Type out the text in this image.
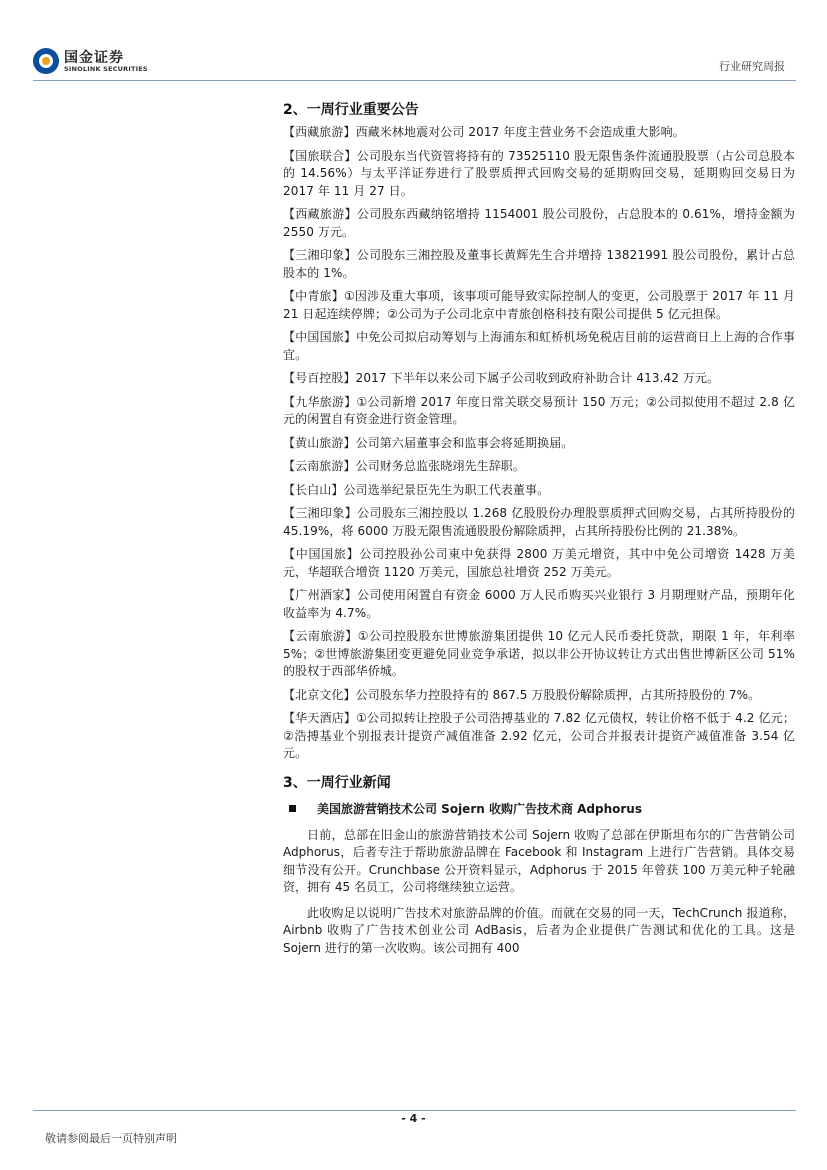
国金证券
SINOLINK SECURITIES	行业研究周报
2、一周行业重要公告

【西藏旅游】西藏米林地震对公司 2017 年度主营业务不会造成重大影响。

【国旅联合】公司股东当代资管将持有的 73525110 股无限售条件流通股股票（占公司总股本的 14.56%）与太平洋证券进行了股票质押式回购交易的延期购回交易，延期购回交易日为 2017 年 11 月 27 日。

【西藏旅游】公司股东西藏纳铭增持 1154001 股公司股份，占总股本的 0.61%，增持金额为 2550 万元。

【三湘印象】公司股东三湘控股及董事长黄辉先生合并增持 13821991 股公司股份，累计占总股本的 1%。

【中青旅】①因涉及重大事项，该事项可能导致实际控制人的变更，公司股票于 2017 年 11 月 21 日起连续停牌；②公司为子公司北京中青旅创格科技有限公司提供 5 亿元担保。

【中国国旅】中免公司拟启动筹划与上海浦东和虹桥机场免税店目前的运营商日上上海的合作事宜。

【号百控股】2017 下半年以来公司下属子公司收到政府补助合计 413.42 万元。

【九华旅游】①公司新增 2017 年度日常关联交易预计 150 万元；②公司拟使用不超过 2.8 亿元的闲置自有资金进行资金管理。

【黄山旅游】公司第六届董事会和监事会将延期换届。

【云南旅游】公司财务总监张晓翊先生辞职。

【长白山】公司选举纪景臣先生为职工代表董事。

【三湘印象】公司股东三湘控股以 1.268 亿股股份办理股票质押式回购交易，占其所持股份的 45.19%，将 6000 万股无限售流通股股份解除质押，占其所持股份比例的 21.38%。

【中国国旅】公司控股孙公司東中免获得 2800 万美元增资，其中中免公司增资 1428 万美元，华超联合增资 1120 万美元，国旅总社增资 252 万美元。

【广州酒家】公司使用闲置自有资金 6000 万人民币购买兴业银行 3 月期理财产品，预期年化收益率为 4.7%。

【云南旅游】①公司控股股东世博旅游集团提供 10 亿元人民币委托贷款，期限 1 年，年利率 5%；②世博旅游集团变更避免同业竞争承诺，拟以非公开协议转让方式出售世博新区公司 51%的股权于西部华侨城。

【北京文化】公司股东华力控股持有的 867.5 万股股份解除质押，占其所持股份的 7%。

【华天酒店】①公司拟转让控股子公司浩搏基业的 7.82 亿元债权，转让价格不低于 4.2 亿元；②浩搏基业个别报表计提资产减值准备 2.92 亿元，公司合并报表计提资产减值准备 3.54 亿元。

3、一周行业新闻
美国旅游营销技术公司 Sojern 收购广告技术商 Adphorus

日前，总部在旧金山的旅游营销技术公司 Sojern 收购了总部在伊斯坦布尔的广告营销公司 Adphorus，后者专注于帮助旅游品牌在 Facebook 和 Instagram 上进行广告营销。具体交易细节没有公开。Crunchbase 公开资料显示，Adphorus 于 2015 年曾获 100 万美元种子轮融资，拥有 45 名员工，公司将继续独立运营。

此收购足以说明广告技术对旅游品牌的价值。而就在交易的同一天，TechCrunch 报道称，Airbnb 收购了广告技术创业公司 AdBasis，后者为企业提供广告测试和优化的工具。这是 Sojern 进行的第一次收购。该公司拥有 400

- 4 -
敬请参阅最后一页特别声明
